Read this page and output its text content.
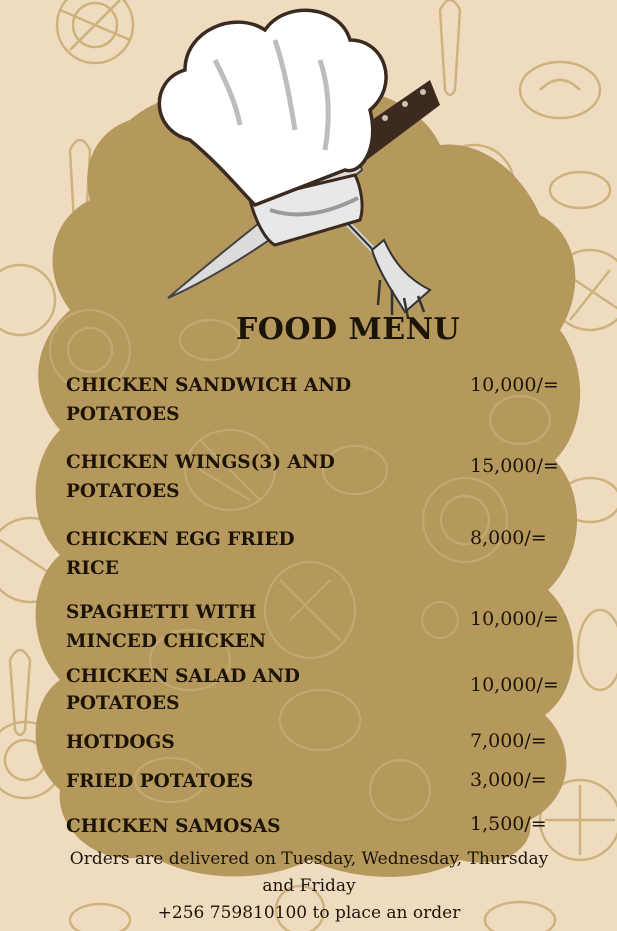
FOOD MENU
CHICKEN SANDWICH AND
POTATOES
10,000/=
CHICKEN WINGS(3) AND
POTATOES
15,000/=
CHICKEN EGG FRIED
RICE
8,000/=
SPAGHETTI WITH
MINCED CHICKEN
10,000/=
CHICKEN SALAD AND
POTATOES
10,000/=
HOTDOGS	7,000/=
FRIED POTATOES	3,000/=
CHICKEN SAMOSAS	1,500/=
Orders are delivered on Tuesday, Wednesday, Thursday
and Friday
+256 759810100 to place an order
